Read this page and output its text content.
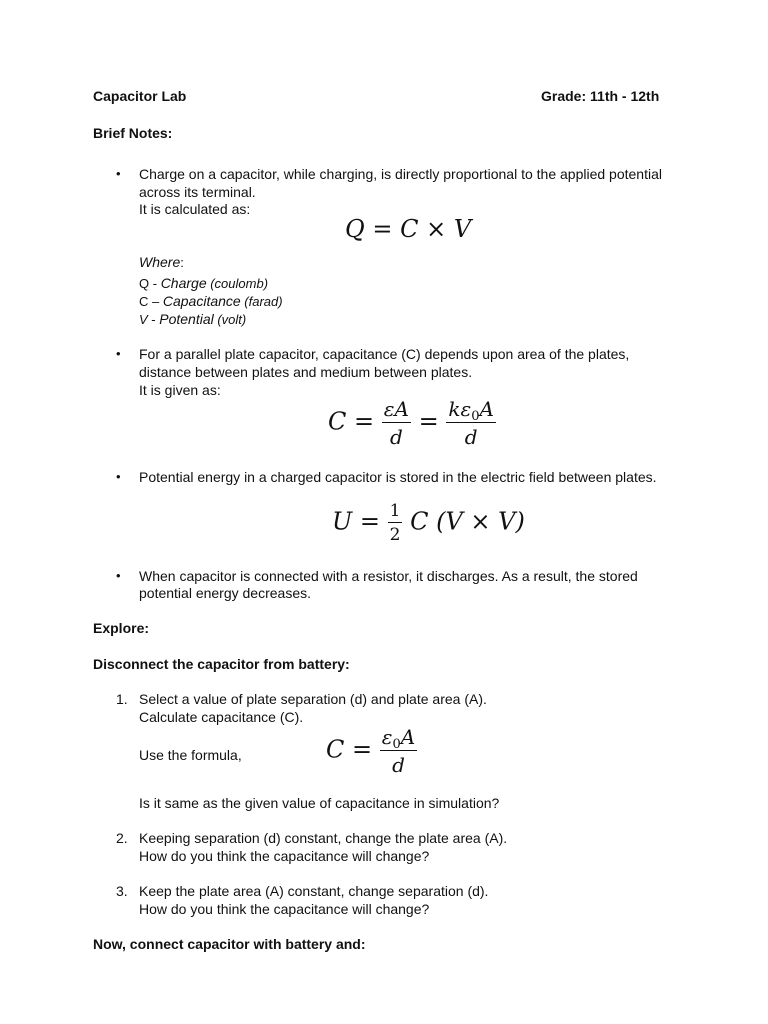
Capacitor Lab	Grade: 11th - 12th
Brief Notes:
• Charge on a capacitor, while charging, is directly proportional to the applied potential
across its terminal.
It is calculated as:
Q = C × V
Where:
Q - Charge (coulomb)
C – Capacitance (farad)
V - Potential (volt)
• For a parallel plate capacitor, capacitance (C) depends upon area of the plates,
distance between plates and medium between plates.
It is given as:
$C = \frac{\varepsilon A}{d} = \frac{k\varepsilon_0A}{d}$
• Potential energy in a charged capacitor is stored in the electric field between plates.
$U = \frac{1}{2}$ C (V × V)
• When capacitor is connected with a resistor, it discharges. As a result, the stored
potential energy decreases.
Explore:
Disconnect the capacitor from battery:
1. Select a value of plate separation (d) and plate area (A).
Calculate capacitance (C).
Use the formula,	$C = \frac{\varepsilon_0A}{d}$
Is it same as the given value of capacitance in simulation?
2. Keeping separation (d) constant, change the plate area (A).
How do you think the capacitance will change?
3. Keep the plate area (A) constant, change separation (d).
How do you think the capacitance will change?
Now, connect capacitor with battery and:
